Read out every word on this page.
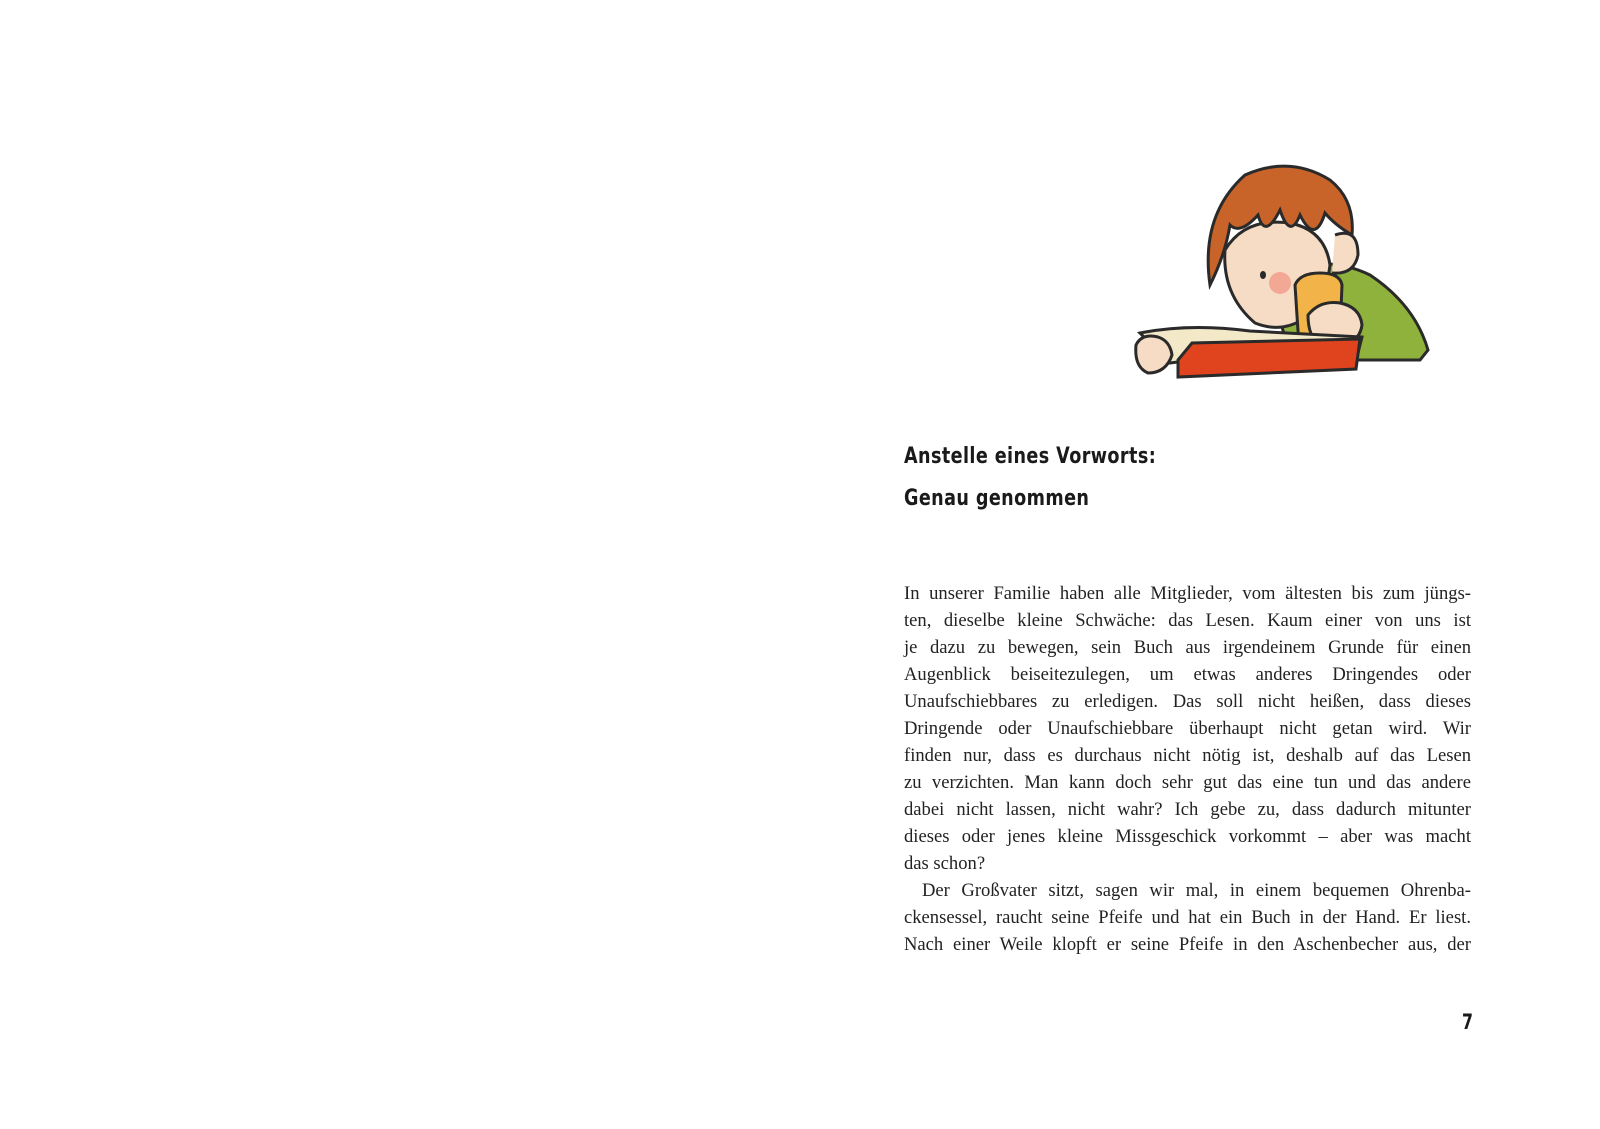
Anstelle eines Vorworts:
Genau genommen
In unserer Familie haben alle Mitglieder, vom ältesten bis zum jüngs-
ten, dieselbe kleine Schwäche: das Lesen. Kaum einer von uns ist
je dazu zu bewegen, sein Buch aus irgendeinem Grunde für einen
Augenblick beiseitezulegen, um etwas anderes Dringendes oder
Unaufschiebbares zu erledigen. Das soll nicht heißen, dass dieses
Dringende oder Unaufschiebbare überhaupt nicht getan wird. Wir
finden nur, dass es durchaus nicht nötig ist, deshalb auf das Lesen
zu verzichten. Man kann doch sehr gut das eine tun und das andere
dabei nicht lassen, nicht wahr? Ich gebe zu, dass dadurch mitunter
dieses oder jenes kleine Missgeschick vorkommt – aber was macht
das schon?
Der Großvater sitzt, sagen wir mal, in einem bequemen Ohrenba-
ckensessel, raucht seine Pfeife und hat ein Buch in der Hand. Er liest.
Nach einer Weile klopft er seine Pfeife in den Aschenbecher aus, der
7
